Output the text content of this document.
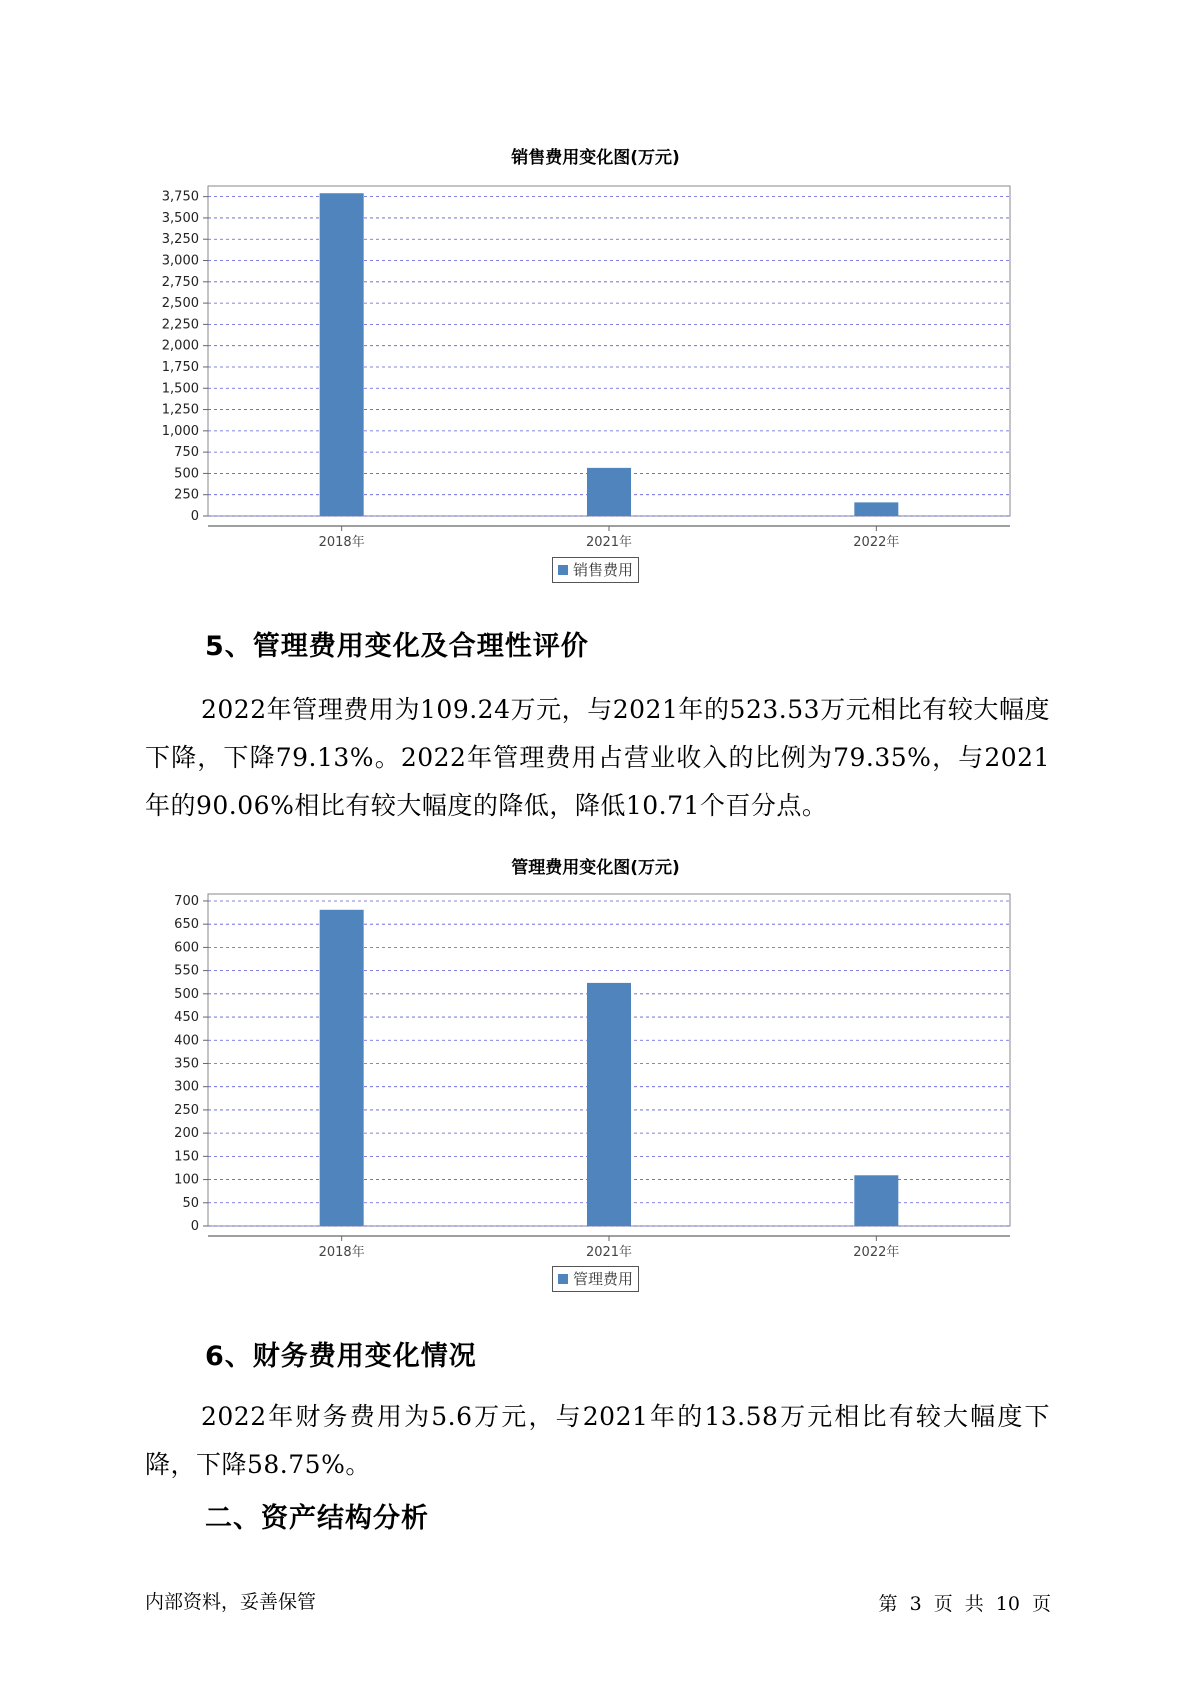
销售费用变化图(万元)
0
250
500
750
1,000
1,250
1,500
1,750
2,000
2,250
2,500
2,750
3,000
3,250
3,500
3,750
2018年	2021年	2022年
销售费用
5、管理费用变化及合理性评价

2022年管理费用为109.24万元，与2021年的523.53万元相比有较大幅度下降，下降79.13%。2022年管理费用占营业收入的比例为79.35%，与2021年的90.06%相比有较大幅度的降低，降低10.71个百分点。

管理费用变化图(万元)
0
50
100
150
200
250
300
350
400
450
500
550
600
650
700
2018年	2021年	2022年
管理费用
6、财务费用变化情况

2022年财务费用为5.6万元，与2021年的13.58万元相比有较大幅度下降，下降58.75%。

二、资产结构分析
内部资料，妥善保管	第 3 页 共 10 页
